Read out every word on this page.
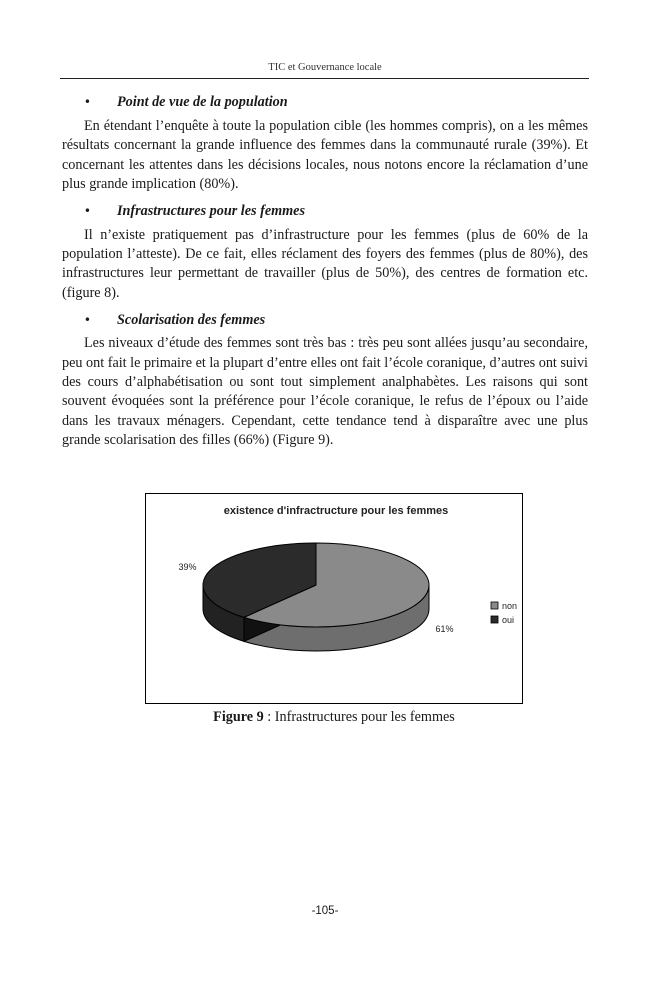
TIC et Gouvernance locale
•	Point de vue de la population

En étendant l’enquête à toute la population cible (les hommes compris), on a les mêmes résultats concernant la grande influence des femmes dans la communauté rurale (39%). Et concernant les attentes dans les décisions locales, nous notons encore la réclamation d’une plus grande implication (80%).

•	Infrastructures pour les femmes

Il n’existe pratiquement pas d’infrastructure pour les femmes (plus de 60% de la population l’atteste). De ce fait, elles réclament des foyers des femmes (plus de 80%), des infrastructures leur permettant de travailler (plus de 50%), des centres de formation etc. (figure 8).

•	Scolarisation des femmes

Les niveaux d’étude des femmes sont très bas : très peu sont allées jusqu’au secondaire, peu ont fait le primaire et la plupart d’entre elles ont fait l’école coranique, d’autres ont suivi des cours d’alphabétisation ou sont tout simplement analphabètes. Les raisons qui sont souvent évoquées sont la préférence pour l’école coranique, le refus de l’époux ou l’aide dans les travaux ménagers. Cependant, cette tendance tend à disparaître avec une plus grande scolarisation des filles (66%) (Figure 9).

existence d'infractructure pour les femmes
61%
39%
non
oui
Figure 9 : Infrastructures pour les femmes
-105-
